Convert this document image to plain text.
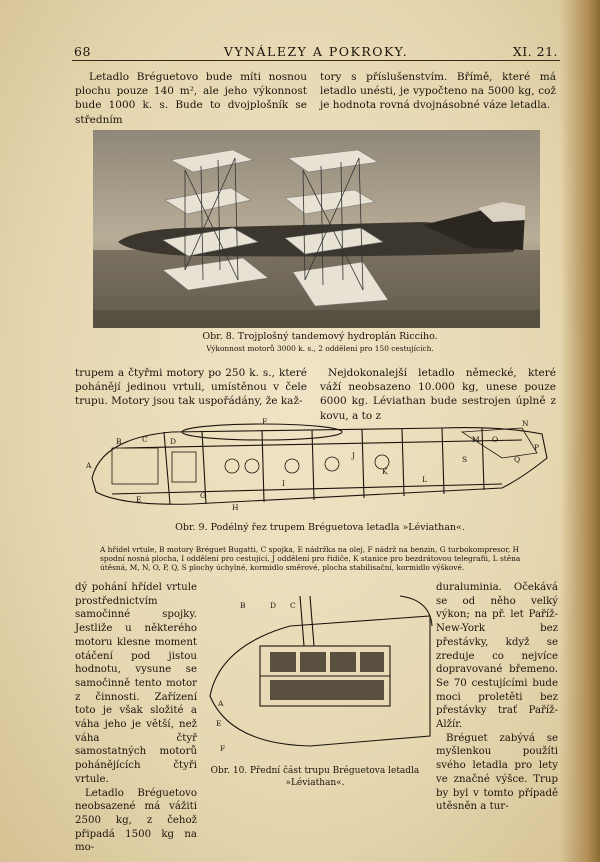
68	VYNÁLEZY A POKROKY.	XI. 21.

Letadlo Bréguetovo bude míti nosnou plochu pouze 140 m², ale jeho výkonnost bude 1000 k. s. Bude to dvojplošník se středním

tory s příslušenstvím. Břímě, které má letadlo unésti, je vypočteno na 5000 kg, což je hodnota rovná dvojnásobné váze letadla.

Obr. 8. Trojplošný tandemový hydroplán Ricciho.
Výkonnost motorů 3000 k. s., 2 oddělení pro 150 cestujících.

trupem a čtyřmi motory po 250 k. s., které pohánějí jedinou vrtuli, umístěnou v čele trupu. Motory jsou tak uspořádány, že kaž-

Nejdokonalejší letadlo německé, které váží neobsazeno 10.000 kg, unese pouze 6000 kg. Léviathan bude sestrojen úplně z kovu, a to z

A
B	C	D
E
F
G
H
I
J
K
L
M
N
O
P
Q
S
Obr. 9. Podélný řez trupem Bréguetova letadla »Léviathan«.
A hřídel vrtule, B motory Bréguet Bugatti, C spojka, E nádržka na olej, F nádrž na benzin, G turbokompresor, H spodní nosná plocha, I oddělení pro cestující, J oddělení pro řidiče, K stanice pro bezdrátovou telegrafii, L stěna útěsná, M, N, O, P, Q, S plochy úchylné, kormidlo směrové, plocha stabilisační, kormidlo výškové.

dý pohání hřídel vrtule prostřednictvím samočinné spojky. Jestliže u některého motoru klesne moment otáčení pod jistou hodnotu, vysune se samočinně tento motor z činnosti. Zařízení toto je však složité a váha jeho je větší, než váha čtyř samostatných motorů pohánějících čtyři vrtule.

Letadlo Bréguetovo neobsazené má vážiti 2500 kg, z čehož připadá 1500 kg na mo-

B	D C
A
E
F
Obr. 10. Přední část trupu Bréguetova letadla »Léviathan«.

duraluminia. Očekává se od něho velký výkon; na př. let Paříž-New-York bez přestávky, když se zreduje co nejvíce dopravované břemeno. Se 70 cestujícími bude moci proletěti bez přestávky trať Paříž-Alžír.

Bréguet zabývá se myšlenkou použíti svého letadla pro lety ve značné výšce. Trup by byl v tomto případě utěsněn a tur-
